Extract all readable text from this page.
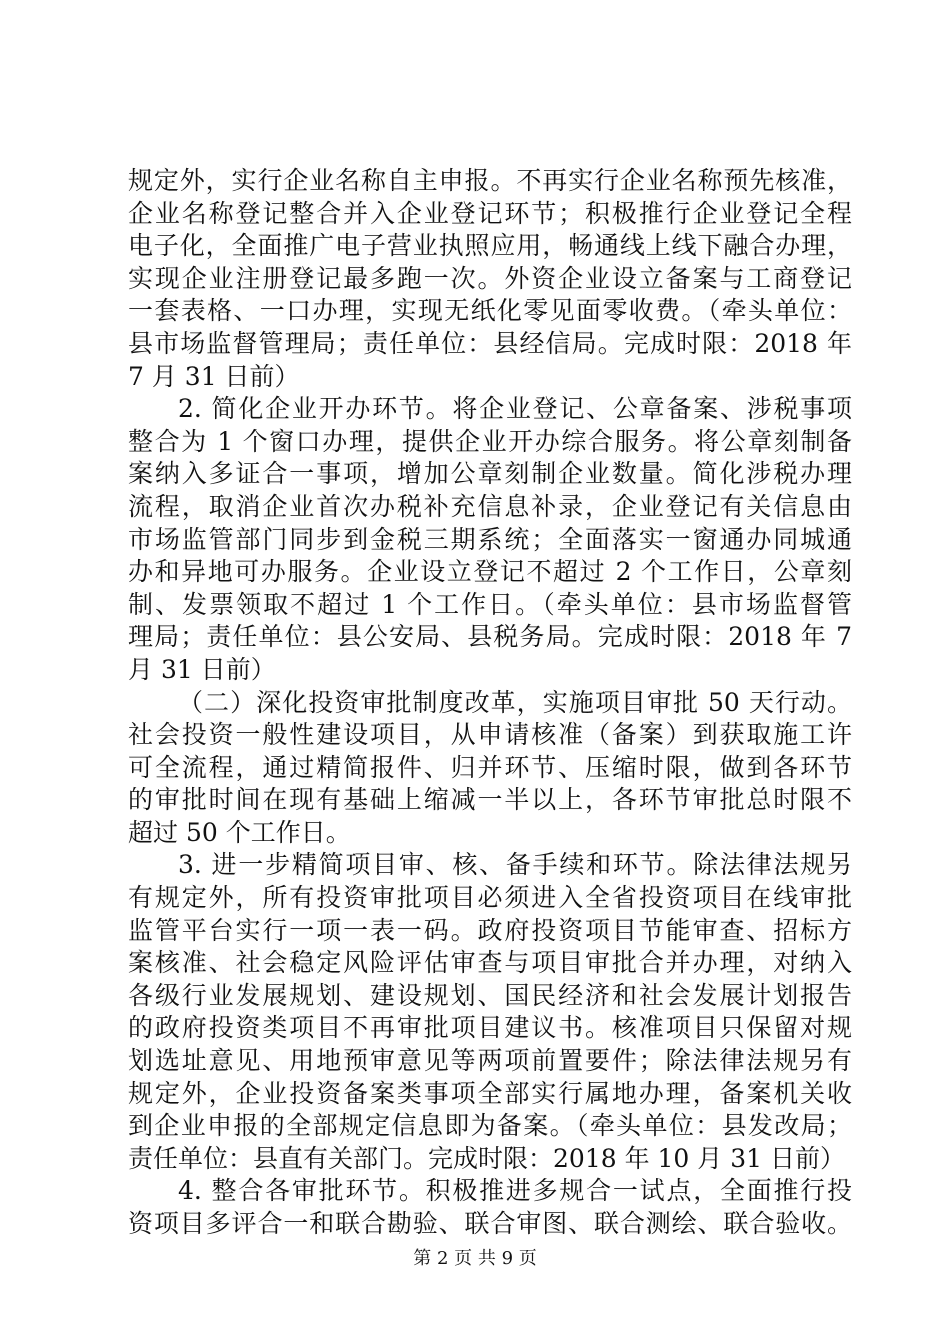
规定外，实行企业名称自主申报。不再实行企业名称预先核准，
企业名称登记整合并入企业登记环节；积极推行企业登记全程
电子化，全面推广电子营业执照应用，畅通线上线下融合办理，
实现企业注册登记最多跑一次。外资企业设立备案与工商登记
一套表格、一口办理，实现无纸化零见面零收费。（牵头单位：
县市场监督管理局；责任单位：县经信局。完成时限：2018 年
7 月 31 日前）
2. 简化企业开办环节。将企业登记、公章备案、涉税事项
整合为 1 个窗口办理，提供企业开办综合服务。将公章刻制备
案纳入多证合一事项，增加公章刻制企业数量。简化涉税办理
流程，取消企业首次办税补充信息补录，企业登记有关信息由
市场监管部门同步到金税三期系统；全面落实一窗通办同城通
办和异地可办服务。企业设立登记不超过 2 个工作日，公章刻
制、发票领取不超过 1 个工作日。（牵头单位：县市场监督管
理局；责任单位：县公安局、县税务局。完成时限：2018 年 7
月 31 日前）
（二）深化投资审批制度改革，实施项目审批 50 天行动。
社会投资一般性建设项目，从申请核准（备案）到获取施工许
可全流程，通过精简报件、归并环节、压缩时限，做到各环节
的审批时间在现有基础上缩减一半以上，各环节审批总时限不
超过 50 个工作日。
3. 进一步精简项目审、核、备手续和环节。除法律法规另
有规定外，所有投资审批项目必须进入全省投资项目在线审批
监管平台实行一项一表一码。政府投资项目节能审查、招标方
案核准、社会稳定风险评估审查与项目审批合并办理，对纳入
各级行业发展规划、建设规划、国民经济和社会发展计划报告
的政府投资类项目不再审批项目建议书。核准项目只保留对规
划选址意见、用地预审意见等两项前置要件；除法律法规另有
规定外，企业投资备案类事项全部实行属地办理，备案机关收
到企业申报的全部规定信息即为备案。（牵头单位：县发改局；
责任单位：县直有关部门。完成时限：2018 年 10 月 31 日前）
4. 整合各审批环节。积极推进多规合一试点，全面推行投
资项目多评合一和联合勘验、联合审图、联合测绘、联合验收。
第 2 页 共 9 页
